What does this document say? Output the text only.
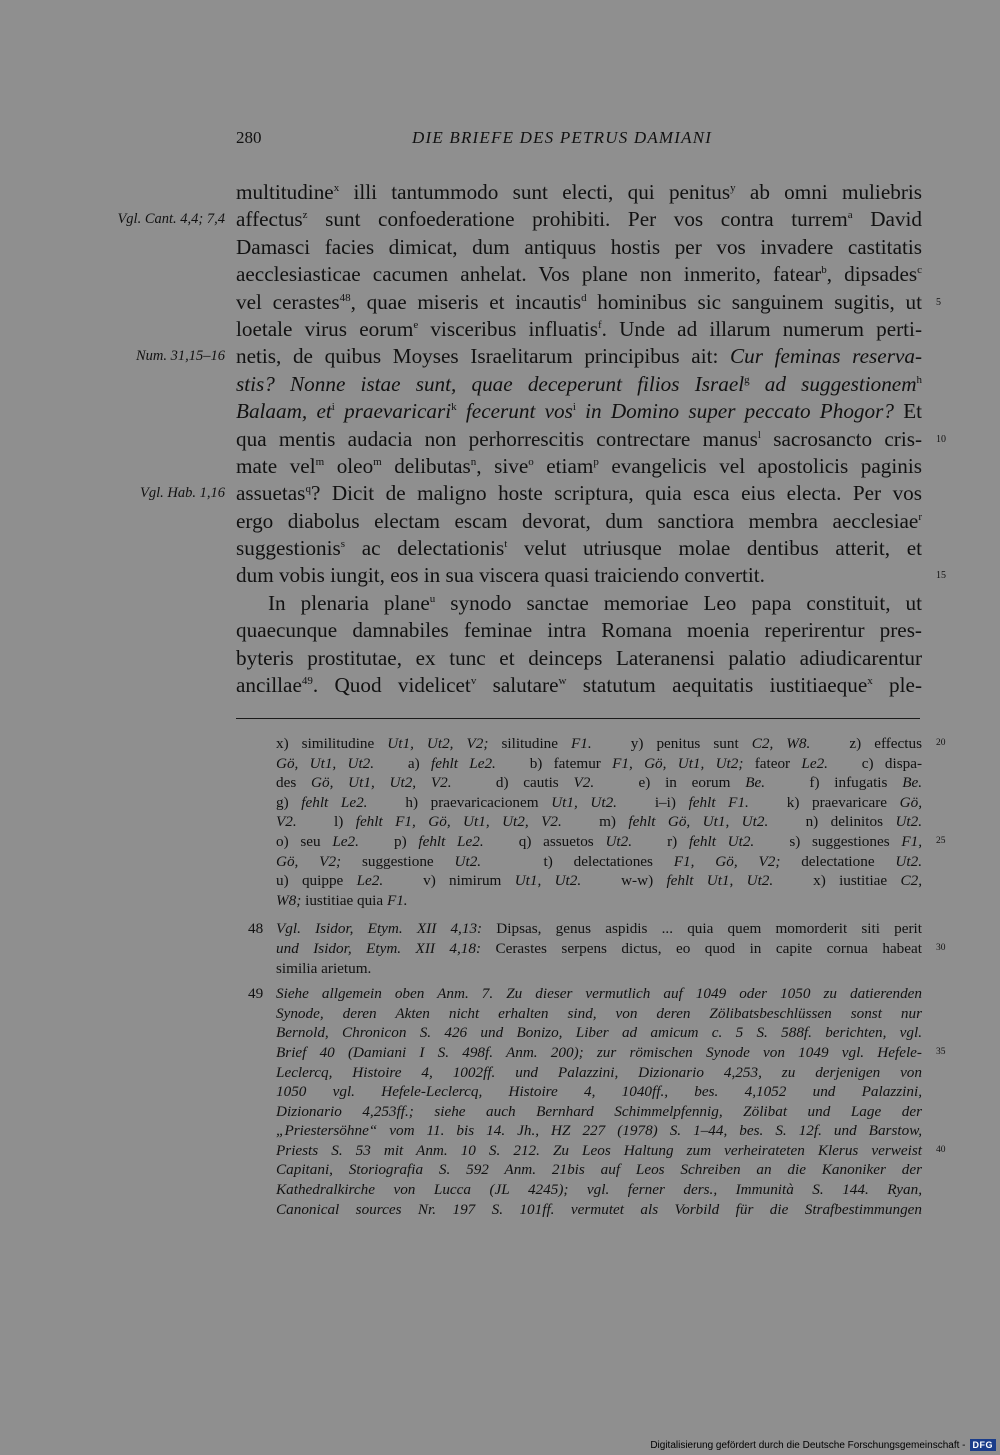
280	DIE BRIEFE DES PETRUS DAMIANI
multitudine$^x$ illi tantummodo sunt electi, qui penitus$^y$ ab omni muliebris
Vgl. Cant. 4,4; 7,4 affectus$^z$ sunt confoederatione prohibiti. Per vos contra turrem$^a$ David
Damasci facies dimicat, dum antiquus hostis per vos invadere castitatis
aecclesiasticae cacumen anhelat. Vos plane non inmerito, fatear$^b$, dipsades$^c$
vel cerastes$^{48}$, quae miseris et incautis$^d$ hominibus sic sanguinem sugitis, ut 5
loetale virus eorum$^e$ visceribus influatis$^f$. Unde ad illarum numerum perti-
Num. 31,15–16 netis, de quibus Moyses Israelitarum principibus ait: Cur feminas reserva-
stis? Nonne istae sunt, quae deceperunt filios Israel$^g$ ad suggestionem$^h$
Balaam, $et^i$ praevaricari$^k$ fecerunt vos$^i$ in Domino super peccato Phogor? Et
qua mentis audacia non perhorrescitis contrectare manus$^l$ sacrosancto cris- 10
mate vel$^m$ oleo$^m$ delibutas$^n$, sive$^o$ etiam$^p$ evangelicis vel apostolicis paginis
Vgl. Hab. 1,16 assuetas$^q$? Dicit de maligno hoste scriptura, quia esca eius electa. Per vos
ergo diabolus electam escam devorat, dum sanctiora membra aecclesiae$^r$
suggestionis$^s$ ac delectationis$^t$ velut utriusque molae dentibus atterit, et
dum vobis iungit, eos in sua viscera quasi traiciendo convertit.	15
In plenaria plane$^u$ synodo sanctae memoriae Leo papa constituit, ut
quaecunque damnabiles feminae intra Romana moenia reperirentur pres-
byteris prostitutae, ex tunc et deinceps Lateranensi palatio adiudicarentur
ancillae$^{49}$. Quod videlicet$^v$ salutare$^w$ statutum aequitatis iustitiaeque$^x$ ple-
x) similitudine Ut1, Ut2, V2; silitudine F1.   y) penitus sunt C2, W8.   z) effectus 20
Gö, Ut1, Ut2.   a) fehlt Le2.   b) fatemur F1, Gö, Ut1, Ut2; fateor Le2.   c) dispa-
des Gö, Ut1, Ut2, V2.   d) cautis V2.   e) in eorum Be.   f) infugatis Be.
g) fehlt Le2.   h) praevaricacionem Ut1, Ut2.   i–i) fehlt F1.   k) praevaricare Gö,
V2.   l) fehlt F1, Gö, Ut1, Ut2, V2.   m) fehlt Gö, Ut1, Ut2.   n) delinitos Ut2.
o) seu Le2.   p) fehlt Le2.   q) assuetos Ut2.   r) fehlt Ut2.   s) suggestiones F1, 25
Gö, V2; suggestione Ut2.   t) delectationes F1, Gö, V2; delectatione Ut2.
u) quippe Le2.   v) nimirum Ut1, Ut2.   w-w) fehlt Ut1, Ut2.   x) iustitiae C2,
W8; iustitiae quia F1.
48 Vgl. Isidor, Etym. XII 4,13: Dipsas, genus aspidis ... quia quem momorderit siti perit
und Isidor, Etym. XII 4,18: Cerastes serpens dictus, eo quod in capite cornua habeat 30
similia arietum.
49 Siehe allgemein oben Anm. 7. Zu dieser vermutlich auf 1049 oder 1050 zu datierenden
Synode, deren Akten nicht erhalten sind, von deren Zölibatsbeschlüssen sonst nur
Bernold, Chronicon S. 426 und Bonizo, Liber ad amicum c. 5 S. 588f. berichten, vgl.
Brief 40 (Damiani I S. 498f. Anm. 200); zur römischen Synode von 1049 vgl. Hefele- 35
Leclercq, Histoire 4, 1002ff. und Palazzini, Dizionario 4,253, zu derjenigen von
1050 vgl. Hefele-Leclercq, Histoire 4, 1040ff., bes. 4,1052 und Palazzini,
Dizionario 4,253ff.; siehe auch Bernhard Schimmelpfennig, Zölibat und Lage der
„Priestersöhne“ vom 11. bis 14. Jh., HZ 227 (1978) S. 1–44, bes. S. 12f. und Barstow,
Priests S. 53 mit Anm. 10 S. 212. Zu Leos Haltung zum verheirateten Klerus verweist 40
Capitani, Storiografia S. 592 Anm. 21bis auf Leos Schreiben an die Kanoniker der
Kathedralkirche von Lucca (JL 4245); vgl. ferner ders., Immunità S. 144. Ryan,
Canonical sources Nr. 197 S. 101ff. vermutet als Vorbild für die Strafbestimmungen
Digitalisierung gefördert durch die Deutsche Forschungsgemeinschaft - DFG
